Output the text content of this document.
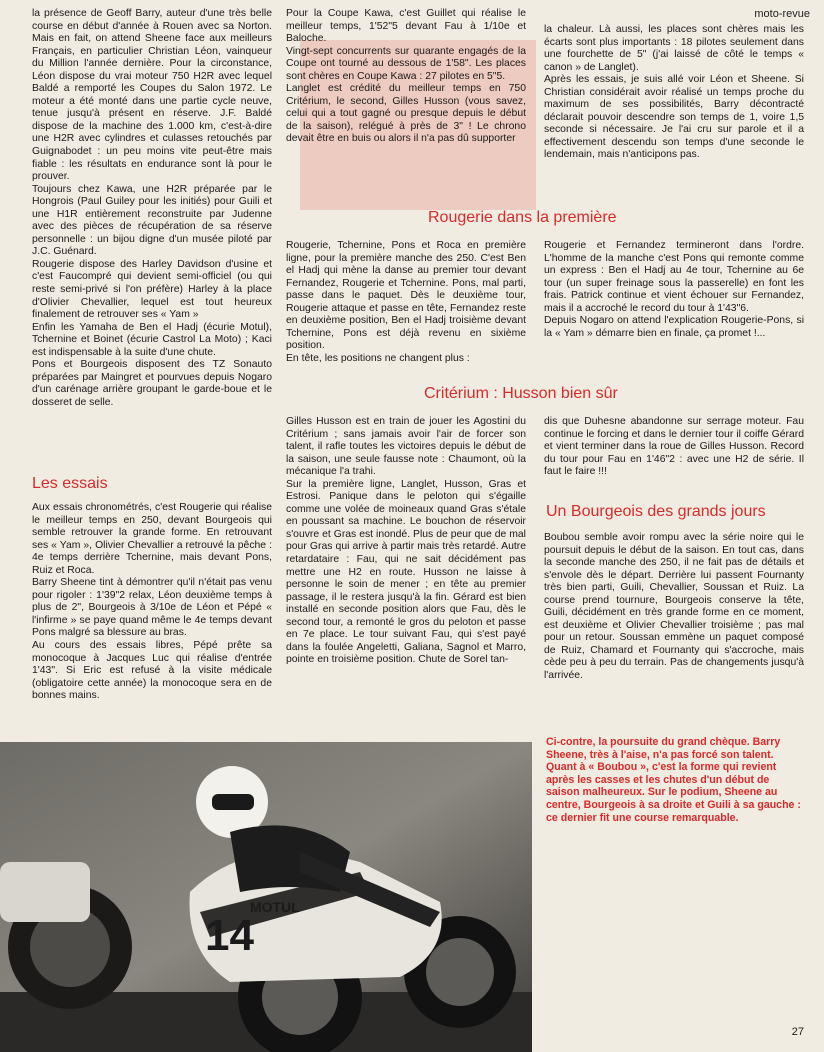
moto-revue

la présence de Geoff Barry, auteur d'une très belle course en début d'année à Rouen avec sa Norton. Mais en fait, on attend Sheene face aux meilleurs Français, en particulier Christian Léon, vainqueur du Million l'année dernière. Pour la circonstance, Léon dispose du vrai moteur 750 H2R avec lequel Baldé a remporté les Coupes du Salon 1972. Le moteur a été monté dans une partie cycle neuve, tenue jusqu'à présent en réserve. J.F. Baldé dispose de la machine des 1.000 km, c'est-à-dire une H2R avec cylindres et culasses retouchés par Guignabodet : un peu moins vite peut-être mais fiable : les résultats en endurance sont là pour le prouver.

Toujours chez Kawa, une H2R préparée par le Hongrois (Paul Guiley pour les initiés) pour Guili et une H1R entièrement reconstruite par Judenne avec des pièces de récupération de sa réserve personnelle : un bijou digne d'un musée piloté par J.C. Guénard.

Rougerie dispose des Harley Davidson d'usine et c'est Faucompré qui devient semi-officiel (ou qui reste semi-privé si l'on préfère) Harley à la place d'Olivier Chevallier, lequel est tout heureux finalement de retrouver ses « Yam »

Enfin les Yamaha de Ben el Hadj (écurie Motul), Tchernine et Boinet (écurie Castrol La Moto) ; Kaci est indispensable à la suite d'une chute.

Pons et Bourgeois disposent des TZ Sonauto préparées par Maingret et pourvues depuis Nogaro d'un carénage arrière groupant le garde-boue et le dosseret de selle.

Les essais

Aux essais chronométrés, c'est Rougerie qui réalise le meilleur temps en 250, devant Bourgeois qui semble retrouver la grande forme. En retrouvant ses « Yam », Olivier Chevallier a retrouvé la pêche : 4e temps derrière Tchernine, mais devant Pons, Ruiz et Roca.

Barry Sheene tint à démontrer qu'il n'était pas venu pour rigoler : 1'39"2 relax, Léon deuxième temps à plus de 2", Bourgeois à 3/10e de Léon et Pépé « l'infirme » se paye quand même le 4e temps devant Pons malgré sa blessure au bras.

Au cours des essais libres, Pépé prête sa monocoque à Jacques Luc qui réalise d'entrée 1'43". Si Eric est refusé à la visite médicale (obligatoire cette année) la monocoque sera en de bonnes mains.

Pour la Coupe Kawa, c'est Guillet qui réalise le meilleur temps, 1'52"5 devant Fau à 1/10e et Baloche.

Vingt-sept concurrents sur quarante engagés de la Coupe ont tourné au dessous de 1'58". Les places sont chères en Coupe Kawa : 27 pilotes en 5"5.

Langlet est crédité du meilleur temps en 750 Critérium, le second, Gilles Husson (vous savez, celui qui a tout gagné ou presque depuis le début de la saison), relégué à près de 3" ! Le chrono devait être en buis ou alors il n'a pas dû supporter

la chaleur. Là aussi, les places sont chères mais les écarts sont plus importants : 18 pilotes seulement dans une fourchette de 5" (j'ai laissé de côté le temps « canon » de Langlet).

Après les essais, je suis allé voir Léon et Sheene. Si Christian considérait avoir réalisé un temps proche du maximum de ses possibilités, Barry décontracté déclarait pouvoir descendre son temps de 1, voire 1,5 seconde si nécessaire. Je l'ai cru sur parole et il a effectivement descendu son temps d'une seconde le lendemain, mais n'anticipons pas.

Rougerie dans la première

Rougerie, Tchernine, Pons et Roca en première ligne, pour la première manche des 250. C'est Ben el Hadj qui mène la danse au premier tour devant Fernandez, Rougerie et Tchernine. Pons, mal parti, passe dans le paquet. Dès le deuxième tour, Rougerie attaque et passe en tête, Fernandez reste en deuxième position, Ben el Hadj troisième devant Tchernine, Pons est déjà revenu en sixième position.

En tête, les positions ne changent plus :

Rougerie et Fernandez termineront dans l'ordre. L'homme de la manche c'est Pons qui remonte comme un express : Ben el Hadj au 4e tour, Tchernine au 6e tour (un super freinage sous la passerelle) en font les frais. Patrick continue et vient échouer sur Fernandez, mais il a accroché le record du tour à 1'43"6.

Depuis Nogaro on attend l'explication Rougerie-Pons, si la « Yam » démarre bien en finale, ça promet !...

Critérium : Husson bien sûr

Gilles Husson est en train de jouer les Agostini du Critérium ; sans jamais avoir l'air de forcer son talent, il rafle toutes les victoires depuis le début de la saison, une seule fausse note : Chaumont, où la mécanique l'a trahi.

Sur la première ligne, Langlet, Husson, Gras et Estrosi. Panique dans le peloton qui s'égaille comme une volée de moineaux quand Gras s'étale en poussant sa machine. Le bouchon de réservoir s'ouvre et Gras est inondé. Plus de peur que de mal pour Gras qui arrive à partir mais très retardé. Autre retardataire : Fau, qui ne sait décidément pas mettre une H2 en route. Husson ne laisse à personne le soin de mener ; en tête au premier passage, il le restera jusqu'à la fin. Gérard est bien installé en seconde position alors que Fau, dès le second tour, a remonté le gros du peloton et passe en 7e place. Le tour suivant Fau, qui s'est payé dans la foulée Angeletti, Galiana, Sagnol et Marro, pointe en troisième position. Chute de Sorel tan-

dis que Duhesne abandonne sur serrage moteur. Fau continue le forcing et dans le dernier tour il coiffe Gérard et vient terminer dans la roue de Gilles Husson. Record du tour pour Fau en 1'46"2 : avec une H2 de série. Il faut le faire !!!

Un Bourgeois des grands jours

Boubou semble avoir rompu avec la série noire qui le poursuit depuis le début de la saison. En tout cas, dans la seconde manche des 250, il ne fait pas de détails et s'envole dès le départ. Derrière lui passent Fournanty très bien parti, Guili, Chevallier, Soussan et Ruiz. La course prend tournure, Bourgeois conserve la tête, Guili, décidément en très grande forme en ce moment, est deuxième et Olivier Chevallier troisième ; pas mal pour un retour. Soussan emmène un paquet composé de Ruiz, Chamard et Fournanty qui s'accroche, mais cède peu à peu du terrain. Pas de changements jusqu'à l'arrivée.

Ci-contre, la poursuite du grand chèque. Barry Sheene, très à l'aise, n'a pas forcé son talent. Quant à « Boubou », c'est la forme qui revient après les casses et les chutes d'un début de saison malheureux. Sur le podium, Sheene au centre, Bourgeois à sa droite et Guili à sa gauche : ce dernier fit une course remarquable.

14
MOTUL
27
